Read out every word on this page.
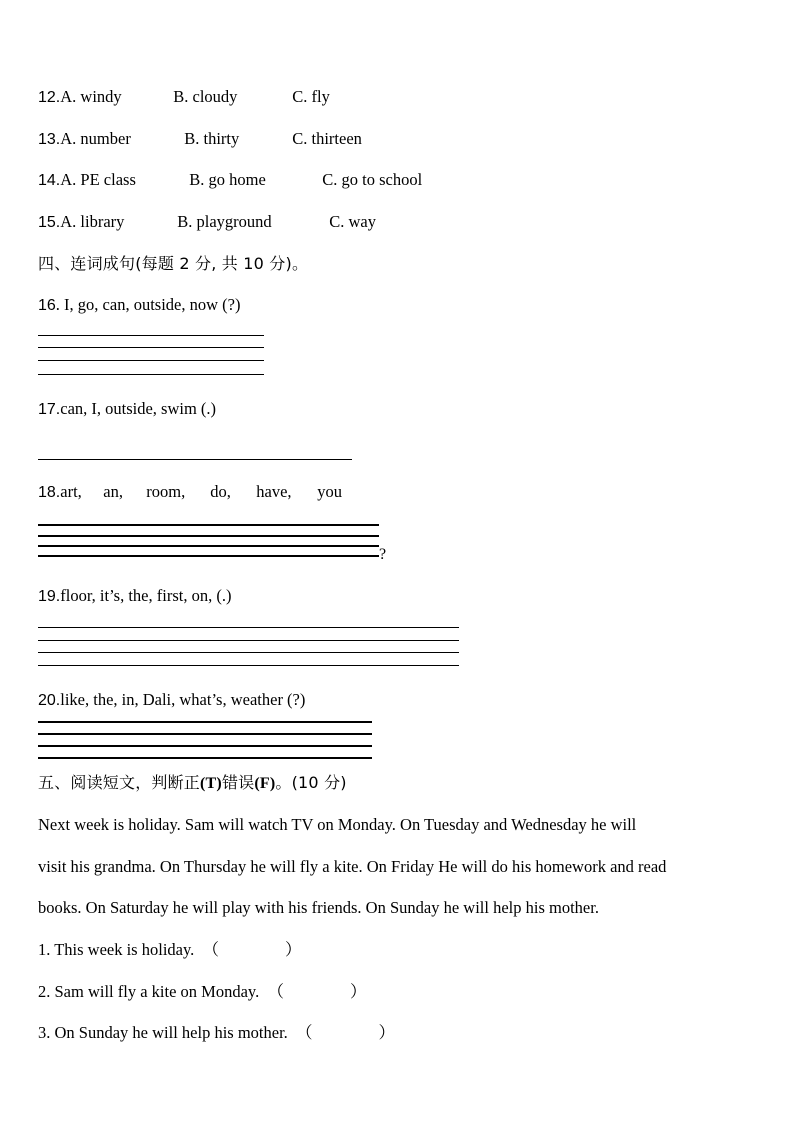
12.A. windy	B. cloudy	C. fly
13.A. number	B. thirty	C. thirteen
14.A. PE class	B. go home	C. go to school
15.A. library	B. playground	C. way
四、连词成句(每题 2 分, 共 10 分)。
16. I, go, can, outside, now (?)
17.can, I, outside, swim (.)
18.art, an, room, do, have, you
?
19.floor, it’s, the, first, on, (.)
20.like, the, in, Dali, what’s, weather (?)
五、阅读短文，判断正(T)错误(F)。(10 分)
Next week is holiday. Sam will watch TV on Monday. On Tuesday and Wednesday he will
visit his grandma. On Thursday he will fly a kite. On Friday He will do his homework and read
books. On Saturday he will play with his friends. On Sunday he will help his mother.
1. This week is holiday. （　　　　）
2. Sam will fly a kite on Monday. （　　　　）
3. On Sunday he will help his mother. （　　　　）
